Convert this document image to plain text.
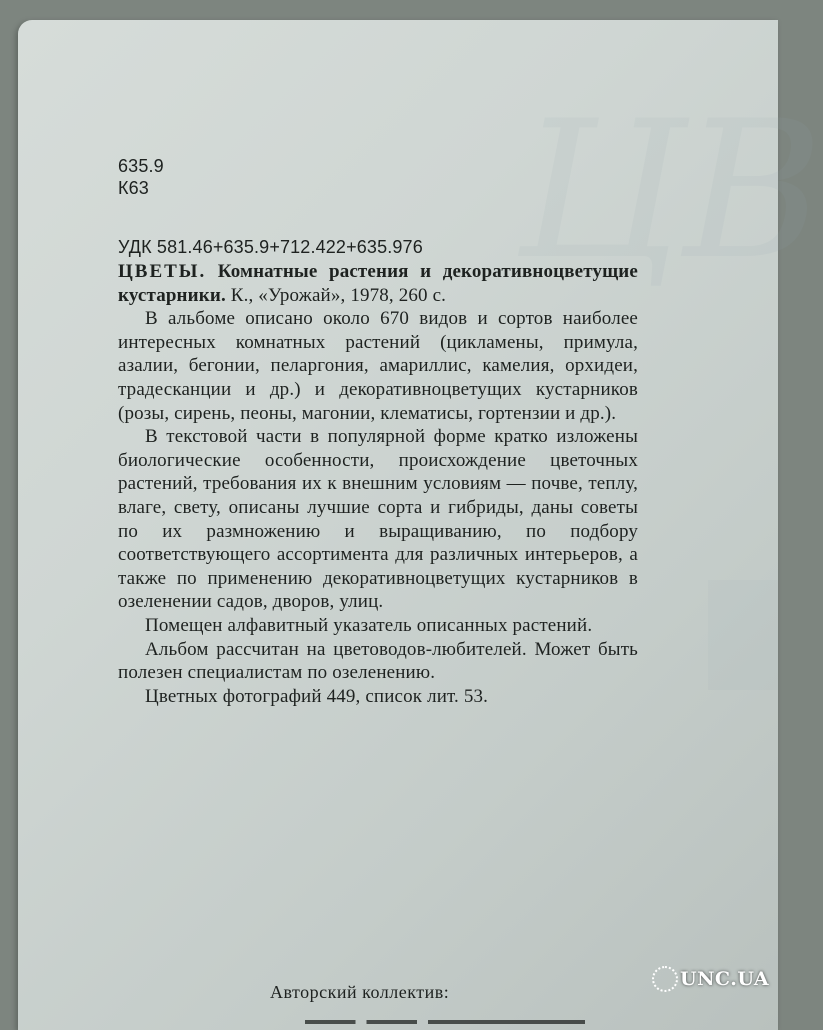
ЦВ
635.9
К63
УДК 581.46+635.9+712.422+635.976

ЦВЕТЫ. Комнатные растения и декоративноцветущие кустарники. К., «Урожай», 1978, 260 с.

В альбоме описано около 670 видов и сортов наиболее интересных комнатных растений (цикламены, примула, азалии, бегонии, пеларгония, амариллис, камелия, орхидеи, традесканции и др.) и декоративноцветущих кустарников (розы, сирень, пеоны, магонии, клематисы, гортензии и др.).

В текстовой части в популярной форме кратко изложены биологические особенности, происхождение цветочных растений, требования их к внешним условиям — почве, теплу, влаге, свету, описаны лучшие сорта и гибриды, даны советы по их размножению и выращиванию, по подбору соответствующего ассортимента для различных интерьеров, а также по применению декоративноцветущих кустарников в озеленении садов, дворов, улиц.

Помещен алфавитный указатель описанных растений.

Альбом рассчитан на цветоводов-любителей. Может быть полезен специалистам по озеленению.

Цветных фотографий 449, список лит. 53.

Авторский коллектив:
UNC.UA
